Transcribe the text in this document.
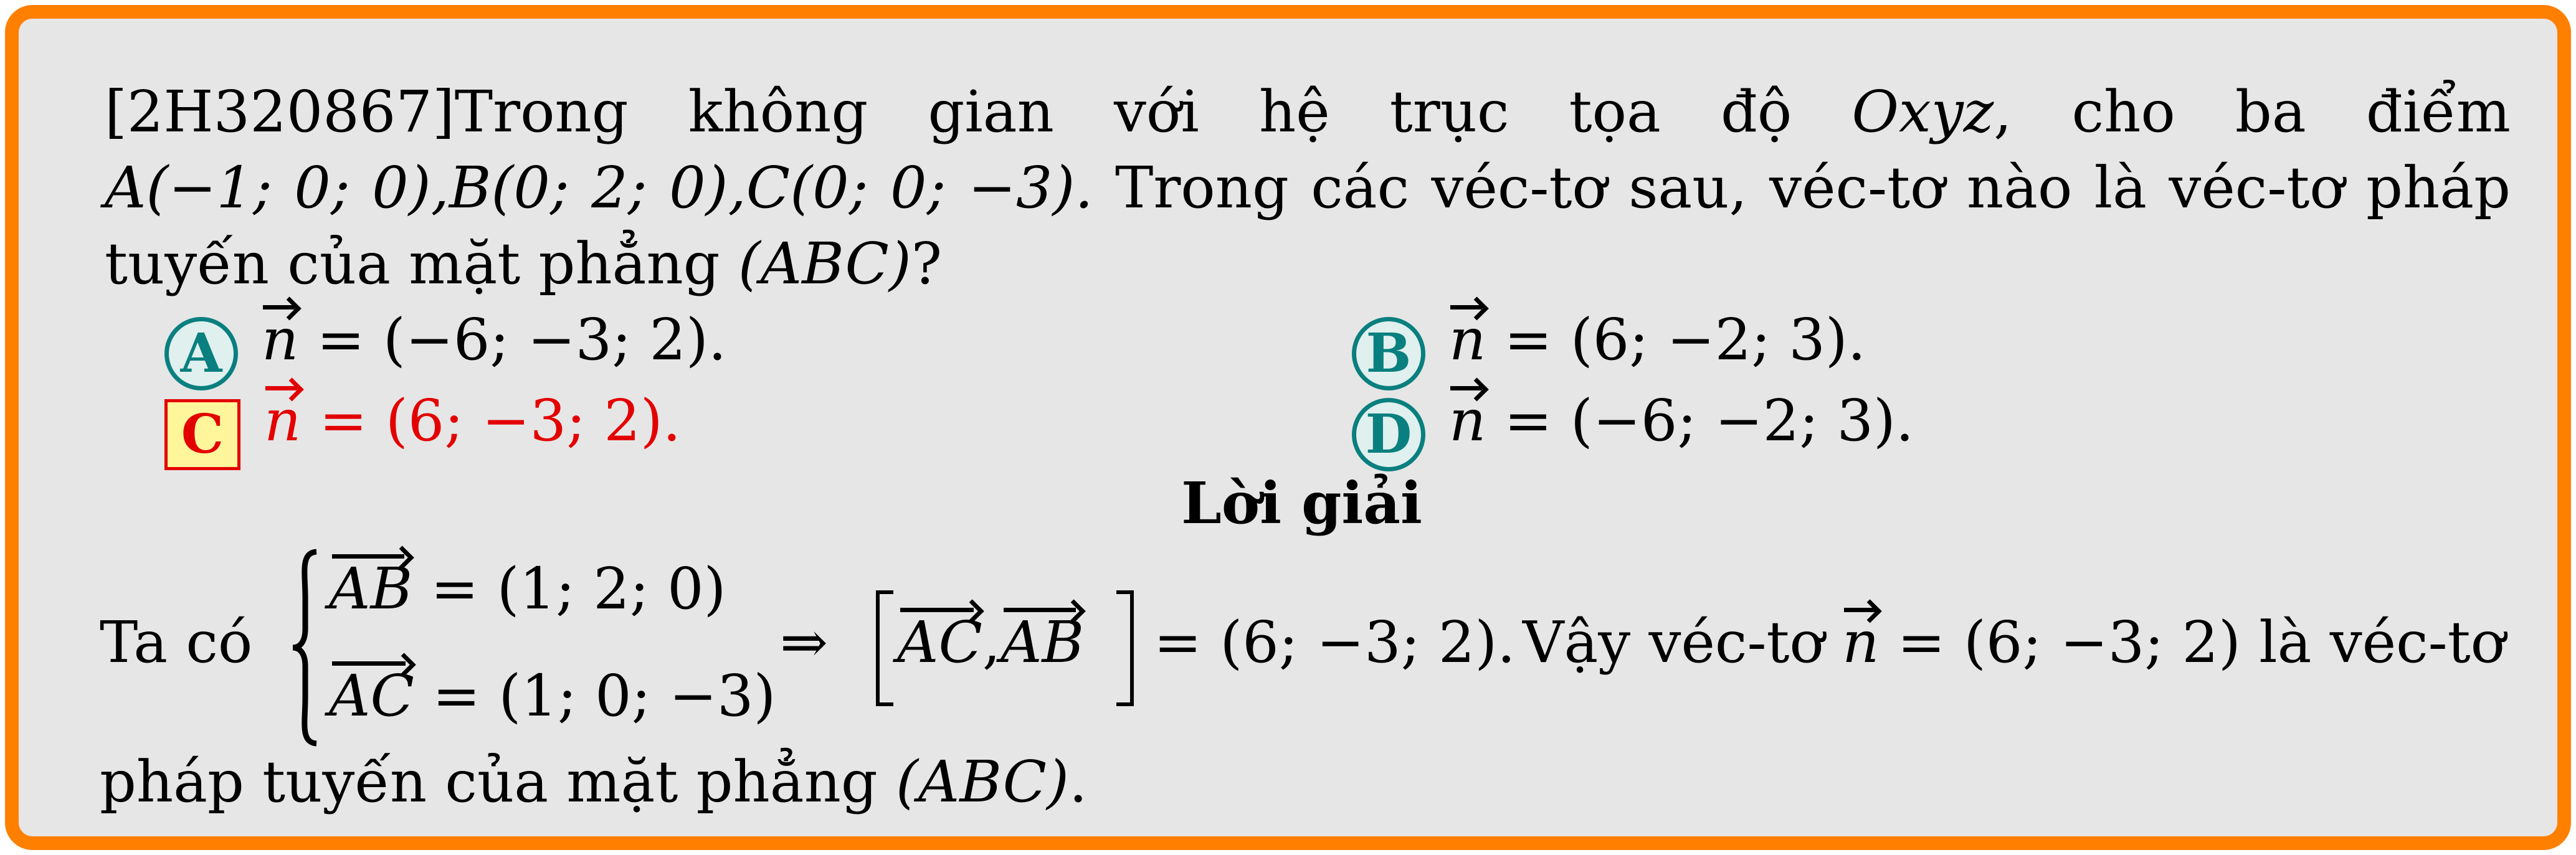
[2H320867]Trong không gian với hệ trục tọa độ Oxyz, cho ba điểm
A(−1; 0; 0),B(0; 2; 0),C(0; 0; −3). Trong các véc-tơ sau, véc-tơ nào là véc-tơ pháp
tuyến của mặt phẳng (ABC)?
A n = (−6; −3; 2).	B n = (6; −2; 3).
C n = (6; −3; 2).	D n = (−6; −2; 3).
Lời giải
Ta có
AB = (1; 2; 0)
AC = (1; 0; −3)
⇒ AC,AB = (6; −3; 2). Vậy véc-tơ n = (6; −3; 2) là véc-tơ
pháp tuyến của mặt phẳng (ABC).
